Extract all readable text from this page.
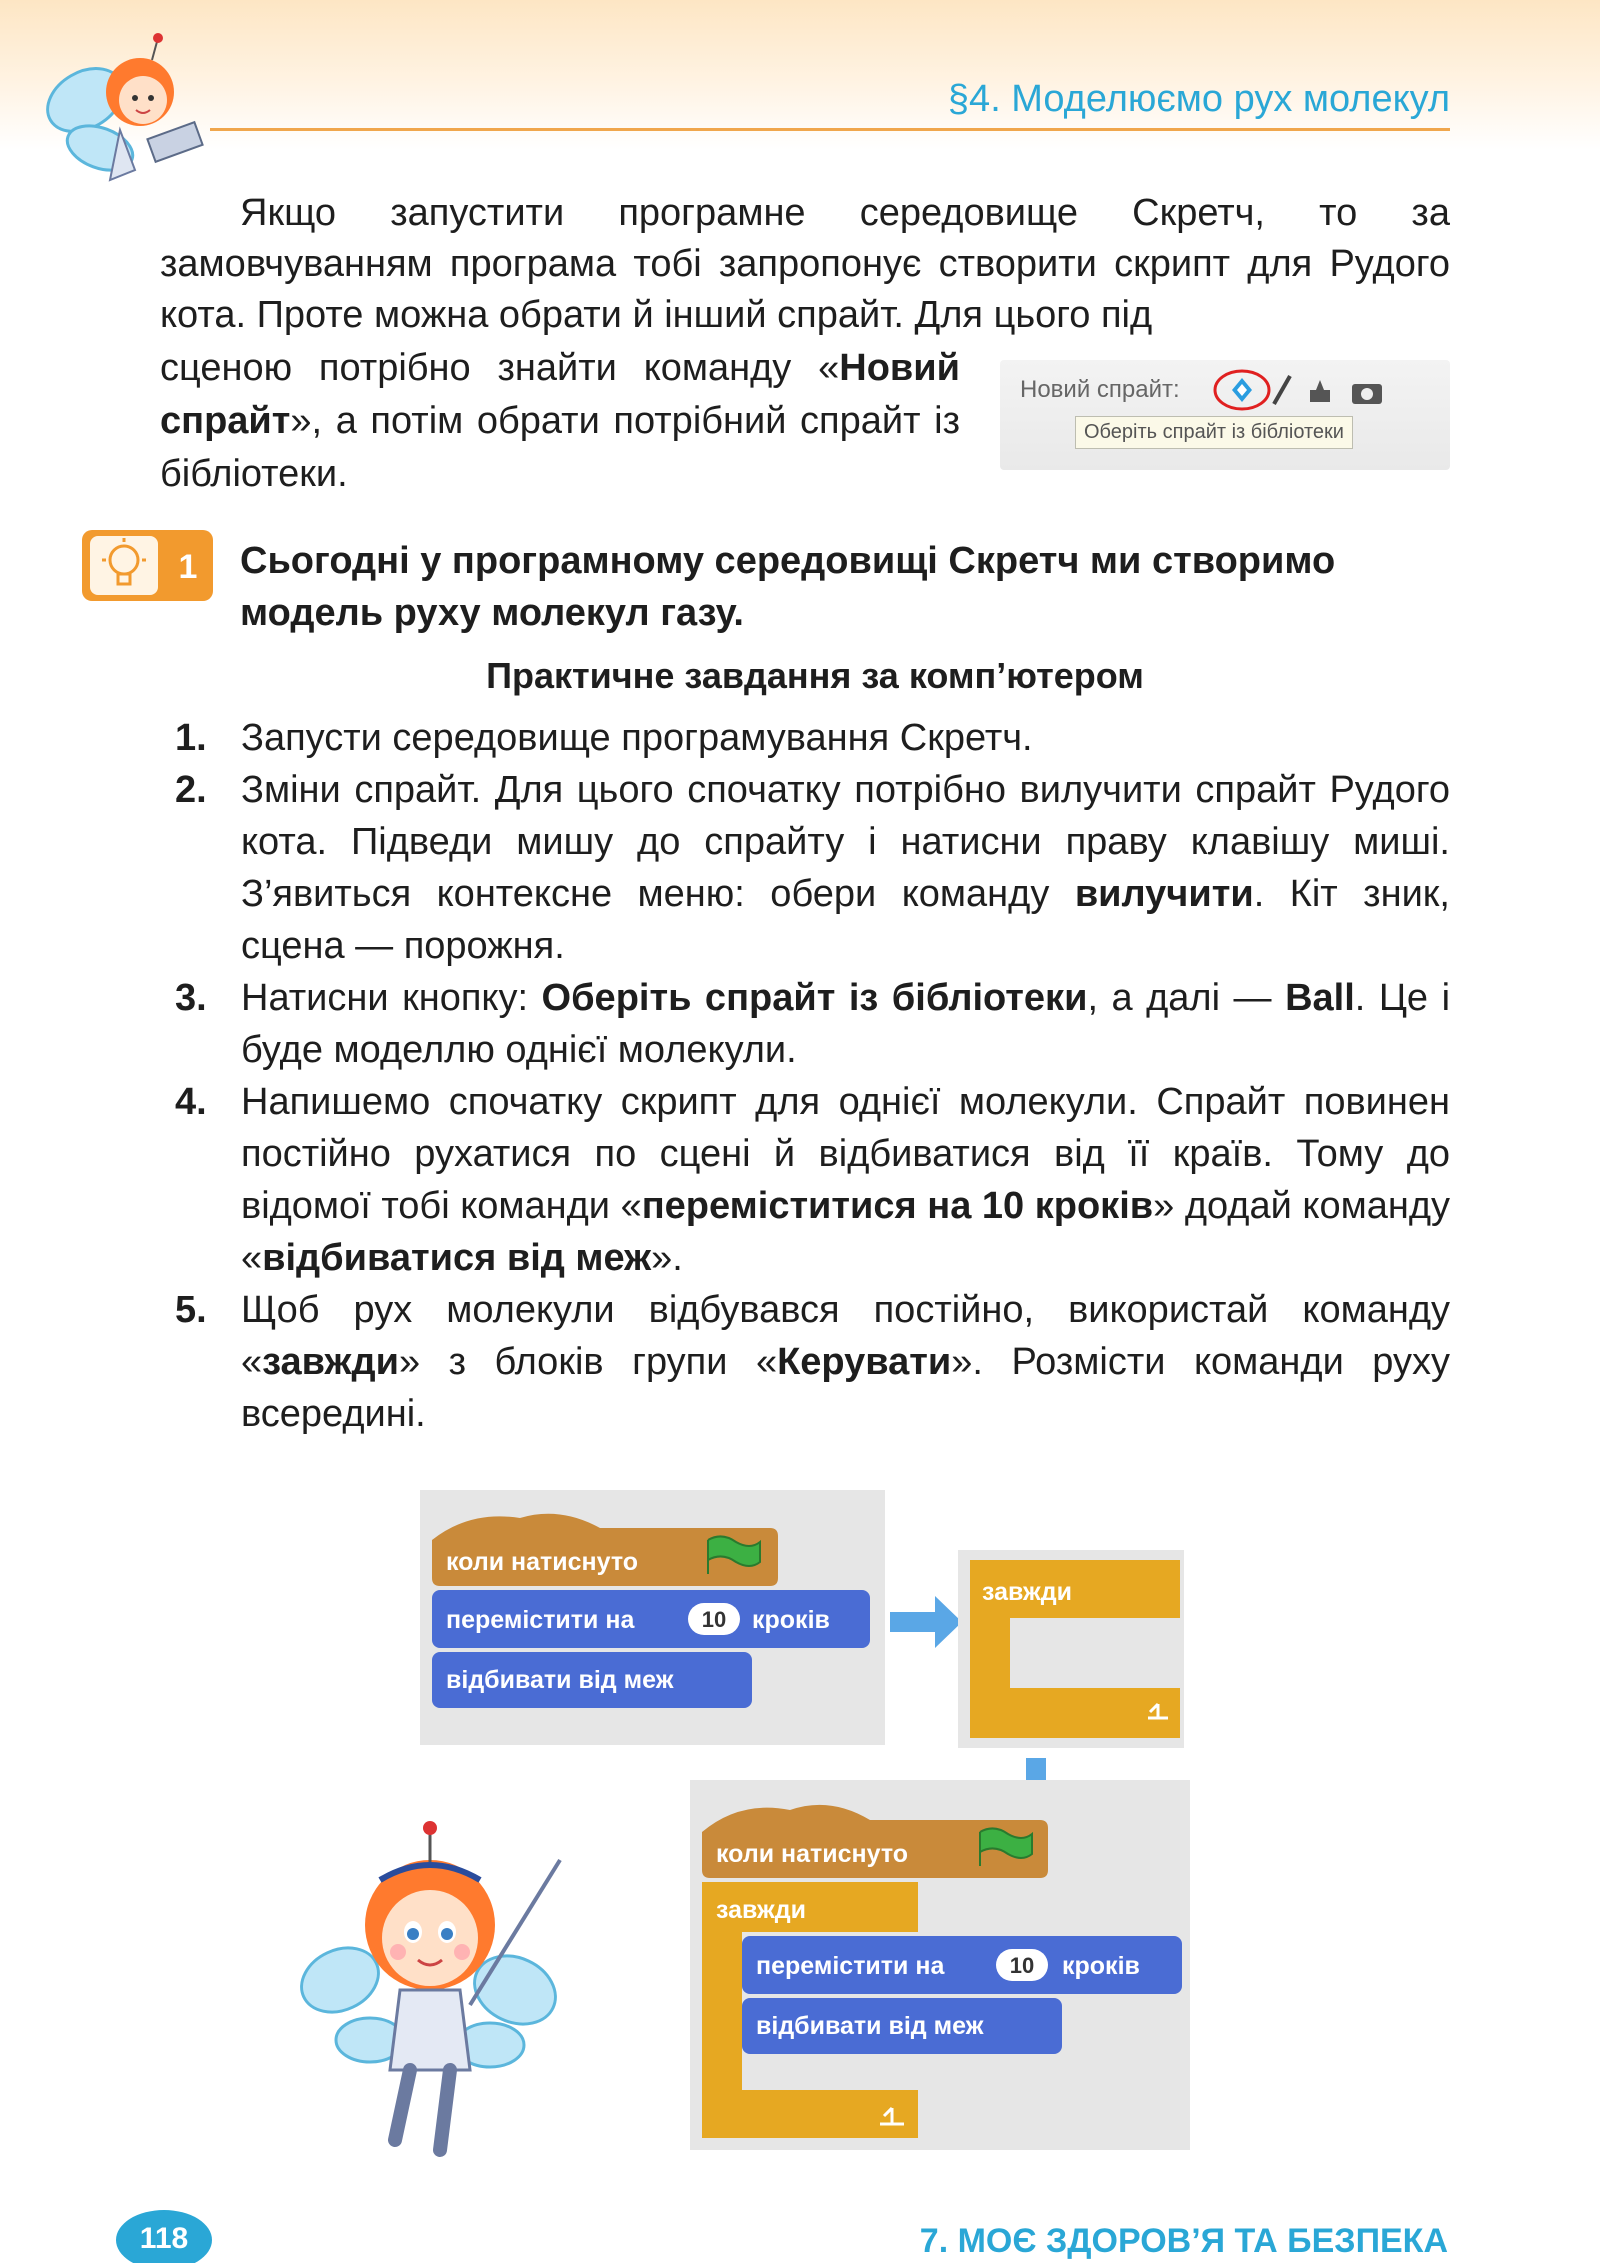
§4. Моделюємо рух молекул
Якщо запустити програмне середовище Скретч, то за замовчуванням програма тобі запропонує створити скрипт для Рудого кота. Проте можна обрати й інший спрайт. Для цього під
сценою потрібно знайти команду «Новий спрайт», а потім обрати потрібний спрайт із бібліотеки.
Новий спрайт:
Оберіть спрайт із бібліотеки
1 Сьогодні у програмному середовищі Скретч ми створимо модель руху молекул газу.
Практичне завдання за комп’ютером
1. Запусти середовище програмування Скретч.
2. Зміни спрайт. Для цього спочатку потрібно вилучити спрайт Рудого кота. Підведи мишу до спрайту і натисни праву клавішу миші. З’явиться контексне меню: обери команду вилучити. Кіт зник, сцена — порожня.
3. Натисни кнопку: Оберіть спрайт із бібліотеки, а далі — Ball. Це і буде моделлю однієї молекули.
4. Напишемо спочатку скрипт для однієї молекули. Спрайт повинен постійно рухатися по сцені й відбиватися від її країв. Тому до відомої тобі команди «переміститися на 10 кроків» додай команду «відбиватися від меж».
5. Щоб рух молекули відбувався постійно, використай команду «завжди» з блоків групи «Керувати». Розмісти команди руху всередині.
коли натиснуто
перемістити на	10 кроків
відбивати від меж
завжди
коли натиснуто
завжди
перемістити на	10 кроків
відбивати від меж
118	7. МОЄ ЗДОРОВ’Я ТА БЕЗПЕКА
